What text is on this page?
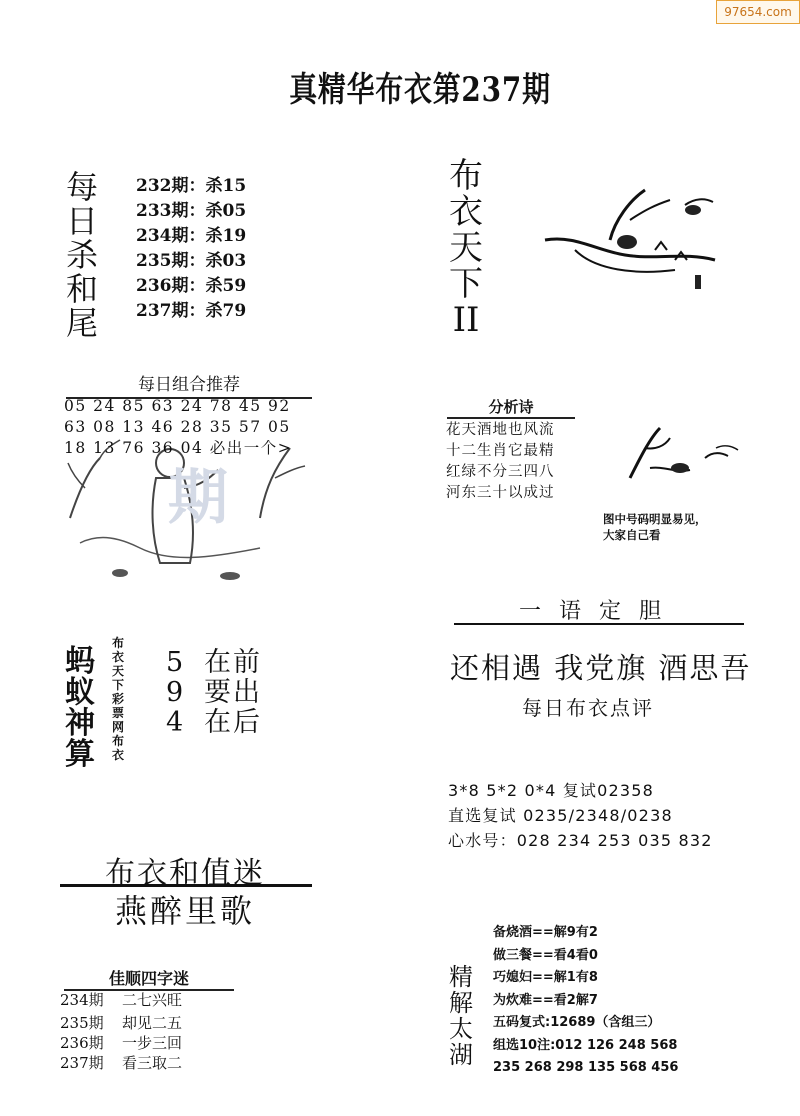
97654.com
真精华布衣第237期
每
日
杀
和
尾
232期：杀15
233期：杀05
234期：杀19
235期：杀03
236期：杀59
237期：杀79
布
衣
天
下
II
期
每日组合推荐
05 24 85 63 24 78 45 92
63 08 13 46 28 35 57 05
18 13 76 36 04 必出一个>
分析诗
花天酒地也风流
十二生肖它最精
红绿不分三四八
河东三十以成过
图中号码明显易见，
大家自己看
蚂
蚁
神
算
布
衣
天
下
彩
票
网
布
衣
5 在前
9 要出
4 在后
一语定胆
还相遇 我党旗 酒思吾
每日布衣点评
3*8 5*2 0*4 复试02358
直选复试 0235/2348/0238
心水号：028 234 253 035 832
布衣和值迷
燕醉里歌
佳顺四字迷
234期 二七兴旺
235期 却见二五
236期 一步三回
237期 看三取二
精
解
太
湖
备烧酒==解9有2
做三餐==看4看0
巧媳妇==解1有8
为炊难==看2解7
五码复式:12689（含组三）
组选10注:012 126 248 568
235 268 298 135 568 456
